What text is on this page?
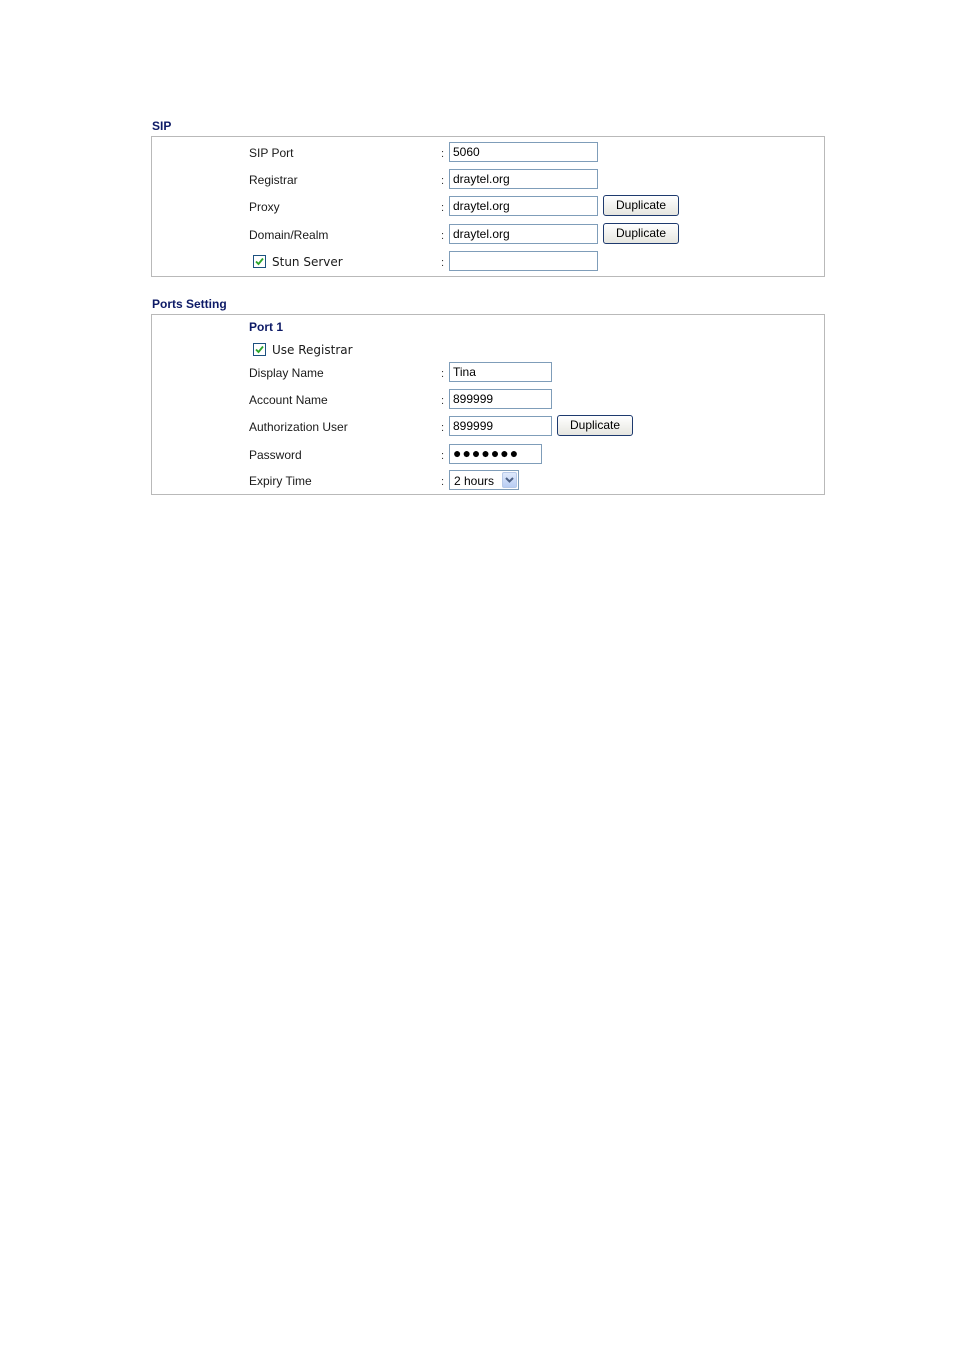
SIP
SIP Port	:
5060
Registrar	:
draytel.org
Proxy	:
draytel.org	Duplicate
Domain/Realm	:
draytel.org	Duplicate
Stun Server	:
Ports Setting
Port 1
Use Registrar
Display Name	:
Tina
Account Name	:
899999
Authorization User	:
899999	Duplicate
Password	: ●●●●●●●
Expiry Time	: 2 hours
